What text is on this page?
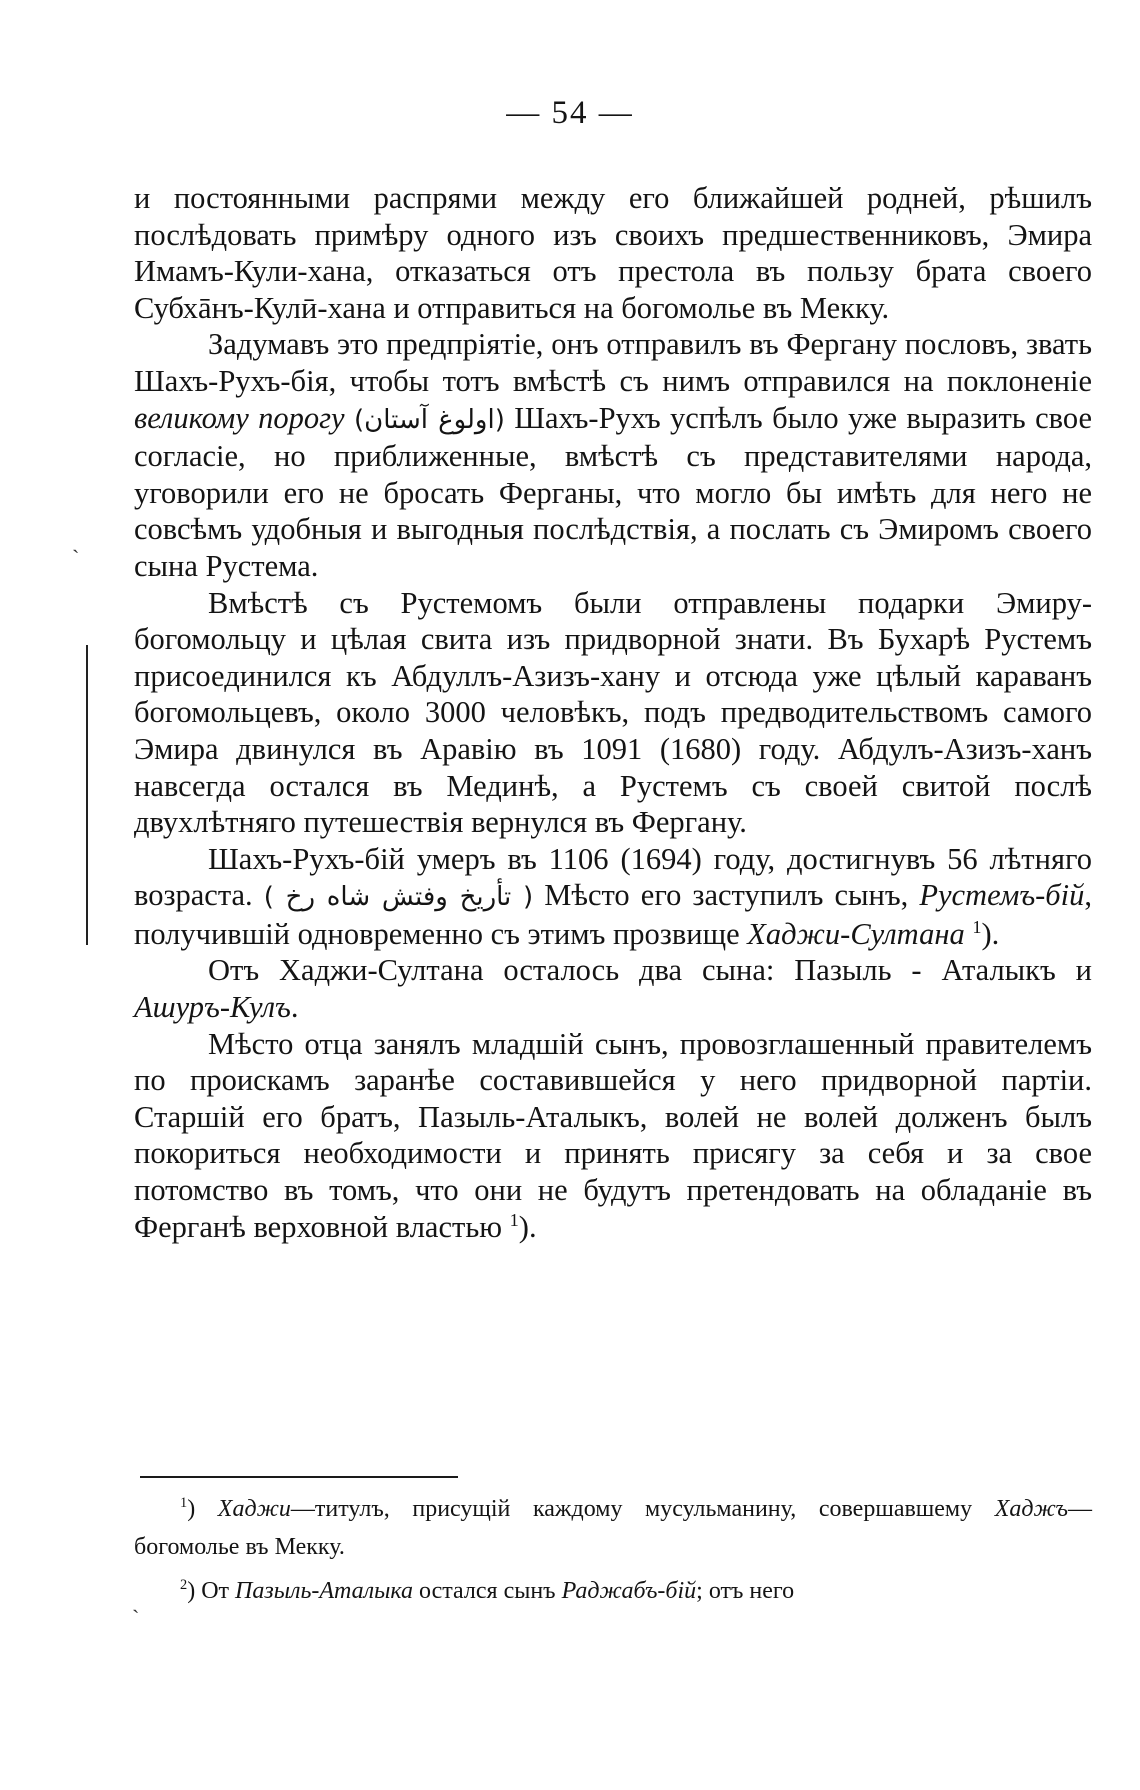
— 54 —

и постоянными распрями между его ближайшей родней, рѣшилъ послѣдовать примѣру одного изъ своихъ предшественниковъ, Эмира Имамъ-Кули-хана, отказаться отъ престола въ пользу брата своего Субхāнъ-Кулӣ-хана и отправиться на богомолье въ Мекку.

Задумавъ это предпріятіе, онъ отправилъ въ Фергану пословъ, звать Шахъ-Рухъ-бія, чтобы тотъ вмѣстѣ съ нимъ отправился на поклоненіе великому порогу (اولوغ آستان) Шахъ-Рухъ успѣлъ было уже выразить свое согласіе, но приближенные, вмѣстѣ съ представителями народа, уговорили его не бросать Ферганы, что могло бы имѣть для него не совсѣмъ удобныя и выгодныя послѣдствія, а послать съ Эмиромъ своего сына Рустема.

Вмѣстѣ съ Рустемомъ были отправлены подарки Эмиру-богомольцу и цѣлая свита изъ придворной знати. Въ Бухарѣ Рустемъ присоединился къ Абдуллъ-Азизъ-хану и отсюда уже цѣлый караванъ богомольцевъ, около 3000 человѣкъ, подъ предводительствомъ самого Эмира двинулся въ Аравію въ 1091 (1680) году. Абдулъ-Азизъ-ханъ навсегда остался въ Мединѣ, а Рустемъ съ своей свитой послѣ двухлѣтняго путешествія вернулся въ Фергану.

Шахъ-Рухъ-бій умеръ въ 1106 (1694) году, достигнувъ 56 лѣтняго возраста. ( تأريخ وفتش شاه رخ ) Мѣсто его заступилъ сынъ, Рустемъ-бій, получившій одновременно съ этимъ прозвище Хаджи-Султана $^1$).

Отъ Хаджи-Султана осталось два сына: Пазыль - Аталыкъ и Ашуръ-Кулъ.

Мѣсто отца занялъ младшій сынъ, провозглашенный правителемъ по проискамъ заранѣе составившейся у него придворной партіи. Старшій его братъ, Пазыль-Аталыкъ, волей не волей долженъ былъ покориться необходимости и принять присягу за себя и за свое потомство въ томъ, что они не будутъ претендовать на обладаніе въ Ферганѣ верховной властью $^1$).

$^1$) Хаджи—титулъ, присущій каждому мусульманину, совершавшему Хаджъ—богомолье въ Мекку.

$^2$) От Пазыль-Аталыка остался сынъ Раджабъ-бій; отъ него

ˎ
ˎ
